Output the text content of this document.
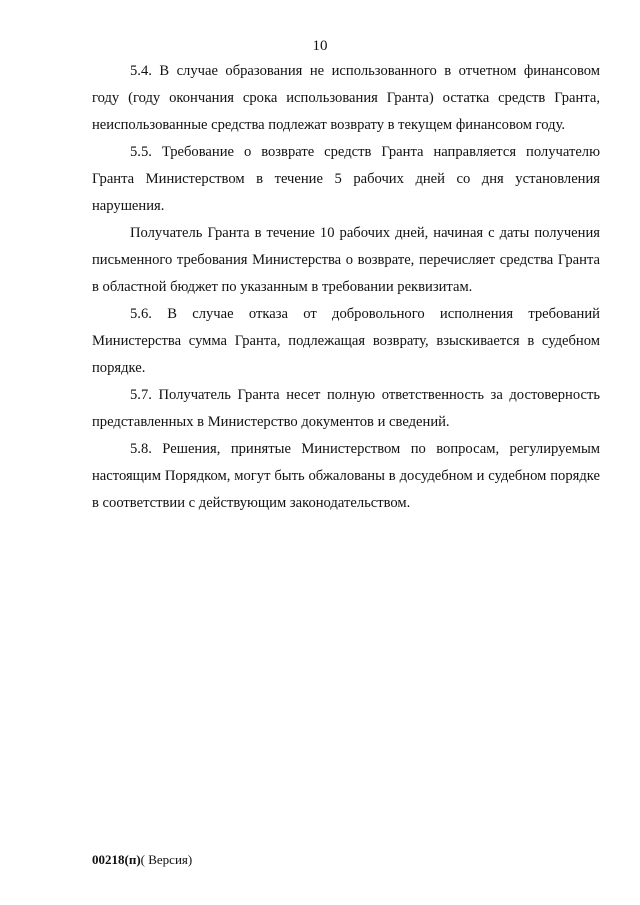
10

5.4. В случае образования не использованного в отчетном финансовом году (году окончания срока использования Гранта) остатка средств Гранта, неиспользованные средства подлежат возврату в текущем финансовом году.

5.5. Требование о возврате средств Гранта направляется получателю Гранта Министерством в течение 5 рабочих дней со дня установления нарушения.

Получатель Гранта в течение 10 рабочих дней, начиная с даты получения письменного требования Министерства о возврате, перечисляет средства Гранта в областной бюджет по указанным в требовании реквизитам.

5.6. В случае отказа от добровольного исполнения требований Министерства сумма Гранта, подлежащая возврату, взыскивается в судебном порядке.

5.7. Получатель Гранта несет полную ответственность за достоверность представленных в Министерство документов и сведений.

5.8. Решения, принятые Министерством по вопросам, регулируемым настоящим Порядком, могут быть обжалованы в досудебном и судебном порядке в соответствии с действующим законодательством.

00218(п)( Версия)
